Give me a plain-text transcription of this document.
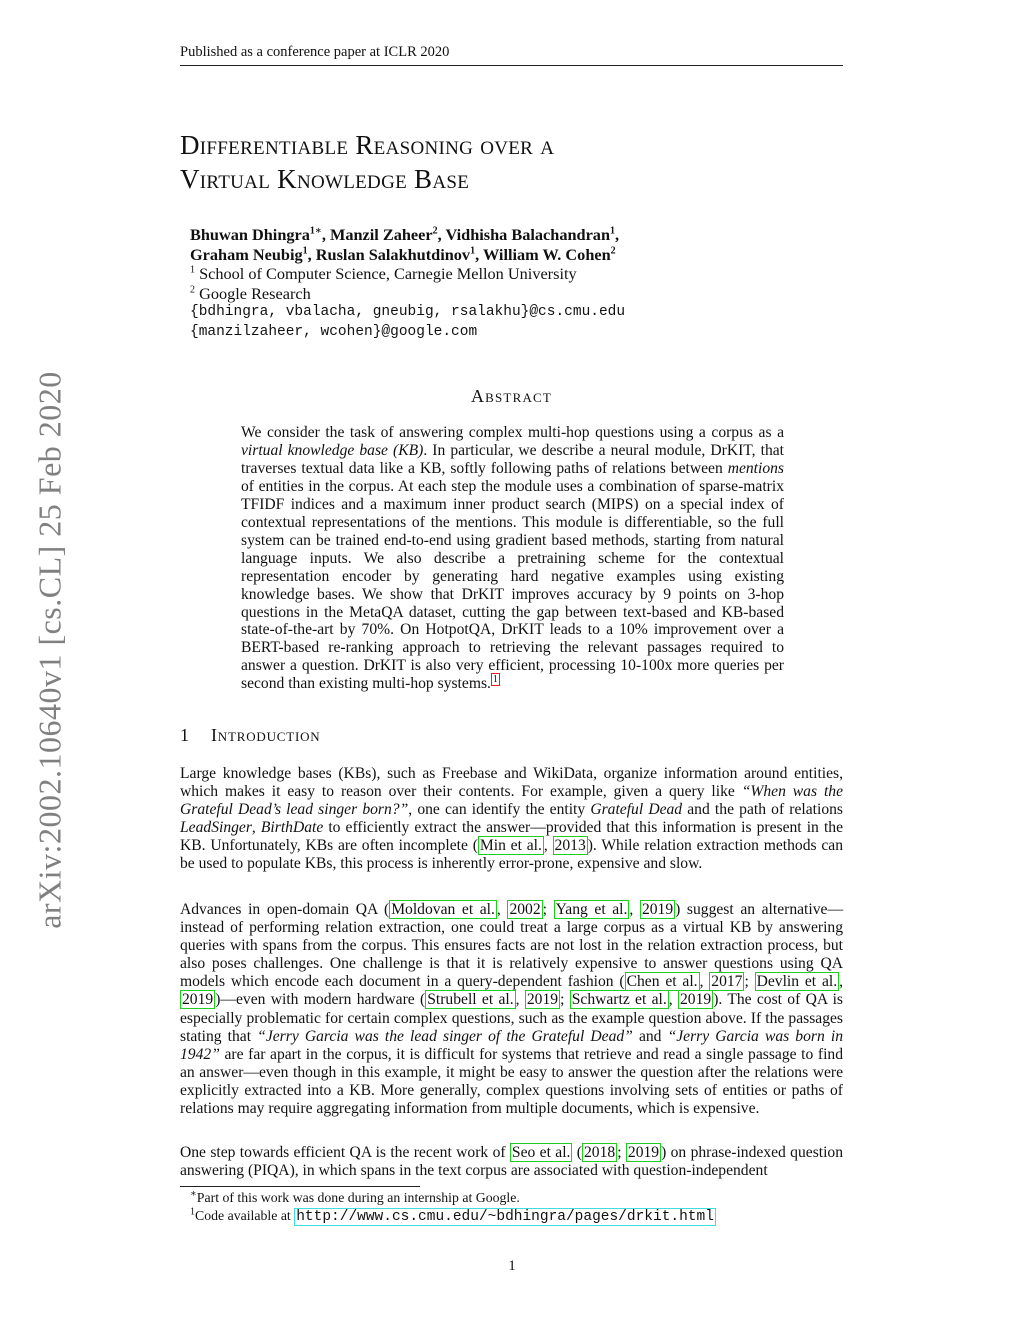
Published as a conference paper at ICLR 2020
arXiv:2002.10640v1 [cs.CL] 25 Feb 2020
Differentiable Reasoning over a
Virtual Knowledge Base
Bhuwan Dhingra$^{1∗}$, Manzil Zaheer$^2$, Vidhisha Balachandran$^1$,
Graham Neubig$^1$, Ruslan Salakhutdinov$^1$, William W. Cohen$^2$
$^1$ School of Computer Science, Carnegie Mellon University
$^2$ Google Research
{bdhingra, vbalacha, gneubig, rsalakhu}@cs.cmu.edu
{manzilzaheer, wcohen}@google.com
Abstract
We consider the task of answering complex multi-hop questions using a corpus as a virtual knowledge base (KB). In particular, we describe a neural module, DrKIT, that traverses textual data like a KB, softly following paths of relations between mentions of entities in the corpus. At each step the module uses a combination of sparse-matrix TFIDF indices and a maximum inner product search (MIPS) on a special index of contextual representations of the mentions. This module is differentiable, so the full system can be trained end-to-end using gradient based methods, starting from natural language inputs. We also describe a pretraining scheme for the contextual representation encoder by generating hard negative examples using existing knowledge bases. We show that DrKIT improves accuracy by 9 points on 3-hop questions in the MetaQA dataset, cutting the gap between text-based and KB-based state-of-the-art by 70%. On HotpotQA, DrKIT leads to a 10% improvement over a BERT-based re-ranking approach to retrieving the relevant passages required to answer a question. DrKIT is also very efficient, processing 10-100x more queries per second than existing multi-hop systems. $^1$
1 Introduction
Large knowledge bases (KBs), such as Freebase and WikiData, organize information around entities, which makes it easy to reason over their contents. For example, given a query like “When was the Grateful Dead’s lead singer born?”, one can identify the entity Grateful Dead and the path of relations LeadSinger, BirthDate to efficiently extract the answer—provided that this information is present in the KB. Unfortunately, KBs are often incomplete ( Min et al. , 2013 ). While relation extraction methods can be used to populate KBs, this process is inherently error-prone, expensive and slow.
Advances in open-domain QA ( Moldovan et al. , 2002 ; Yang et al. , 2019 ) suggest an alternative—instead of performing relation extraction, one could treat a large corpus as a virtual KB by answering queries with spans from the corpus. This ensures facts are not lost in the relation extraction process, but also poses challenges. One challenge is that it is relatively expensive to answer questions using QA models which encode each document in a query-dependent fashion ( Chen et al. , 2017 ; Devlin et al. , 2019 )—even with modern hardware ( Strubell et al. , 2019 ; Schwartz et al. , 2019 ). The cost of QA is especially problematic for certain complex questions, such as the example question above. If the passages stating that “Jerry Garcia was the lead singer of the Grateful Dead” and “Jerry Garcia was born in 1942” are far apart in the corpus, it is difficult for systems that retrieve and read a single passage to find an answer—even though in this example, it might be easy to answer the question after the relations were explicitly extracted into a KB. More generally, complex questions involving sets of entities or paths of relations may require aggregating information from multiple documents, which is expensive.
One step towards efficient QA is the recent work of Seo et al. ( 2018 ; 2019 ) on phrase-indexed question answering (PIQA), in which spans in the text corpus are associated with question-independent
∗Part of this work was done during an internship at Google.
$^1$Code available at http://www.cs.cmu.edu/~bdhingra/pages/drkit.html
1
